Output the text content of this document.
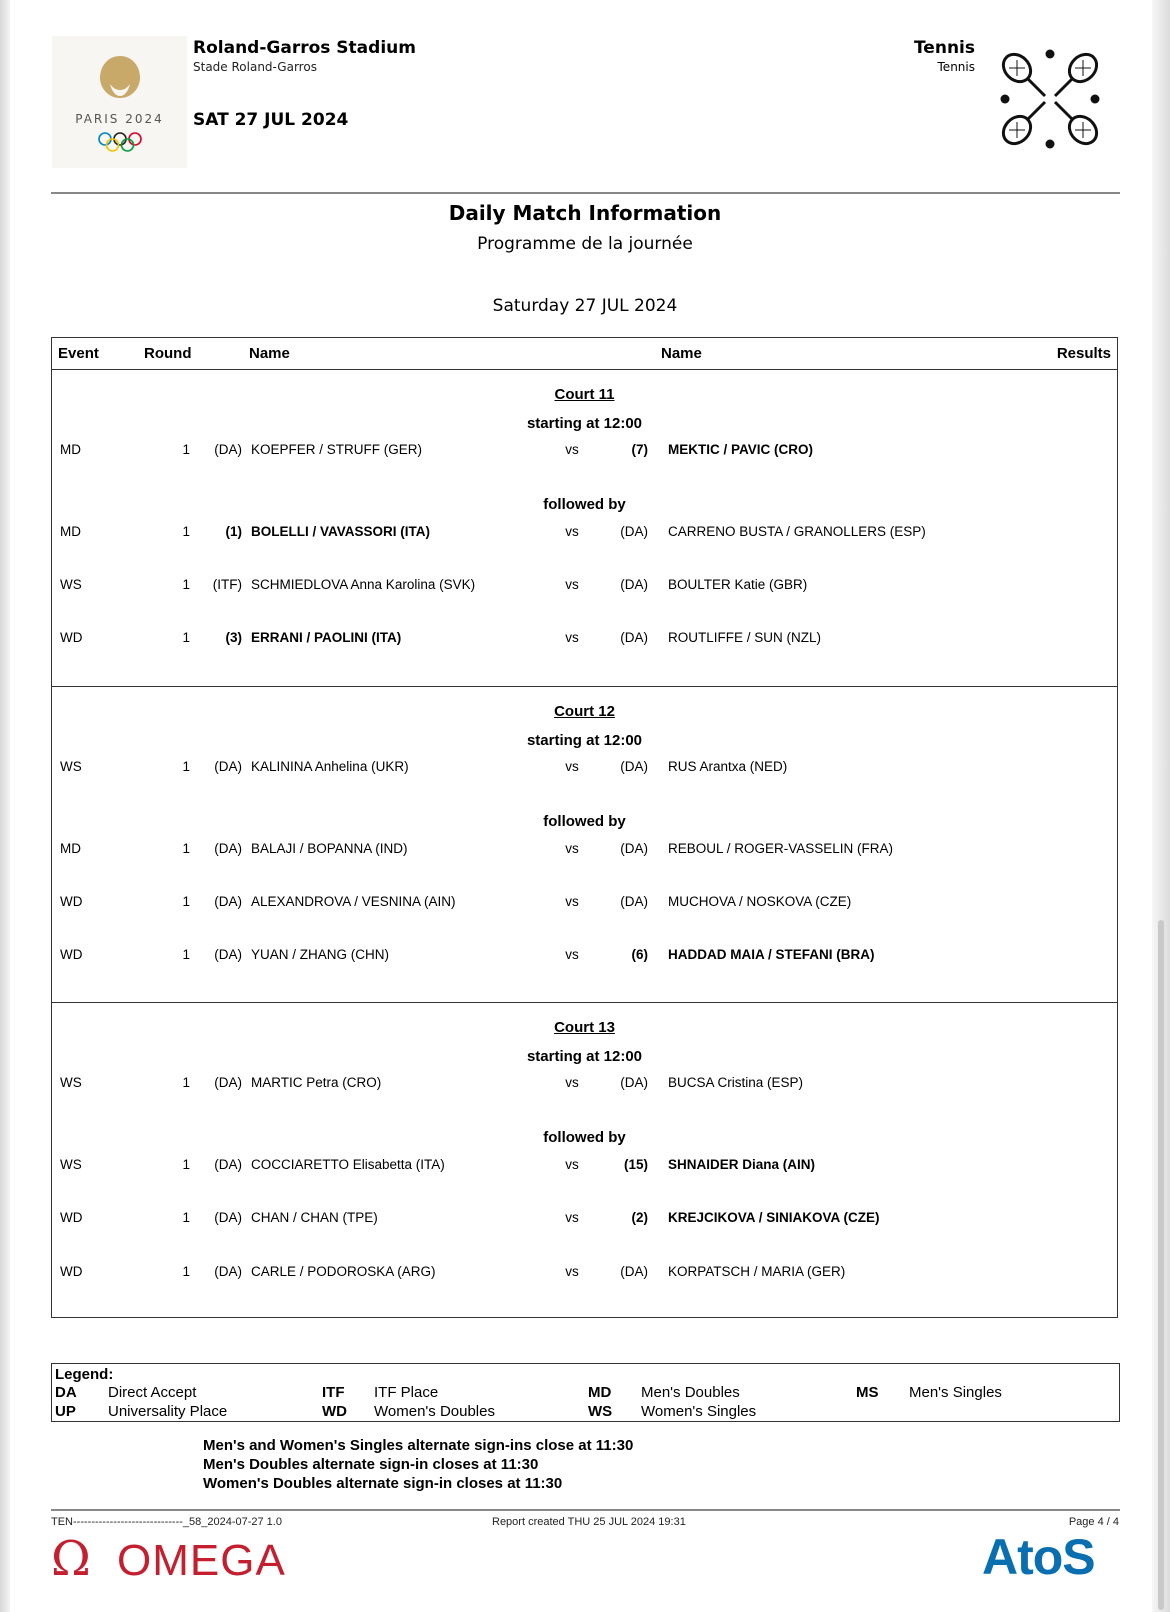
PARIS 2024
Roland-Garros Stadium
Stade Roland-Garros
SAT 27 JUL 2024
Tennis
Tennis
Daily Match Information
Programme de la journée
Saturday 27 JUL 2024
Event	Round	Name	Name	Results
Court 11
starting at 12:00
MD	1	(DA) KOEPFER / STRUFF (GER)	vs	(7) MEKTIC / PAVIC (CRO)
followed by
MD	1	(1) BOLELLI / VAVASSORI (ITA)	vs	(DA) CARRENO BUSTA / GRANOLLERS (ESP)
WS	1	(ITF) SCHMIEDLOVA Anna Karolina (SVK)	vs	(DA) BOULTER Katie (GBR)
WD	1	(3) ERRANI / PAOLINI (ITA)	vs	(DA) ROUTLIFFE / SUN (NZL)
Court 12
starting at 12:00
WS	1	(DA) KALININA Anhelina (UKR)	vs	(DA) RUS Arantxa (NED)
followed by
MD	1	(DA) BALAJI / BOPANNA (IND)	vs	(DA) REBOUL / ROGER-VASSELIN (FRA)
WD	1	(DA) ALEXANDROVA / VESNINA (AIN)	vs	(DA) MUCHOVA / NOSKOVA (CZE)
WD	1	(DA) YUAN / ZHANG (CHN)	vs	(6) HADDAD MAIA / STEFANI (BRA)
Court 13
starting at 12:00
WS	1	(DA) MARTIC Petra (CRO)	vs	(DA) BUCSA Cristina (ESP)
followed by
WS	1	(DA) COCCIARETTO Elisabetta (ITA)	vs	(15) SHNAIDER Diana (AIN)
WD	1	(DA) CHAN / CHAN (TPE)	vs	(2) KREJCIKOVA / SINIAKOVA (CZE)
WD	1	(DA) CARLE / PODOROSKA (ARG)	vs	(DA) KORPATSCH / MARIA (GER)
Legend:
DA Direct Accept	ITF ITF Place	MD Men's Doubles	MS Men's Singles
UP Universality Place	WD Women's Doubles	WS Women's Singles
Men's and Women's Singles alternate sign-ins close at 11:30
Men's Doubles alternate sign-in closes at 11:30
Women's Doubles alternate sign-in closes at 11:30
TEN------------------------------_58_2024-07-27 1.0	Report created THU 25 JUL 2024 19:31	Page 4 / 4
Ω OMEGA	AtoS
